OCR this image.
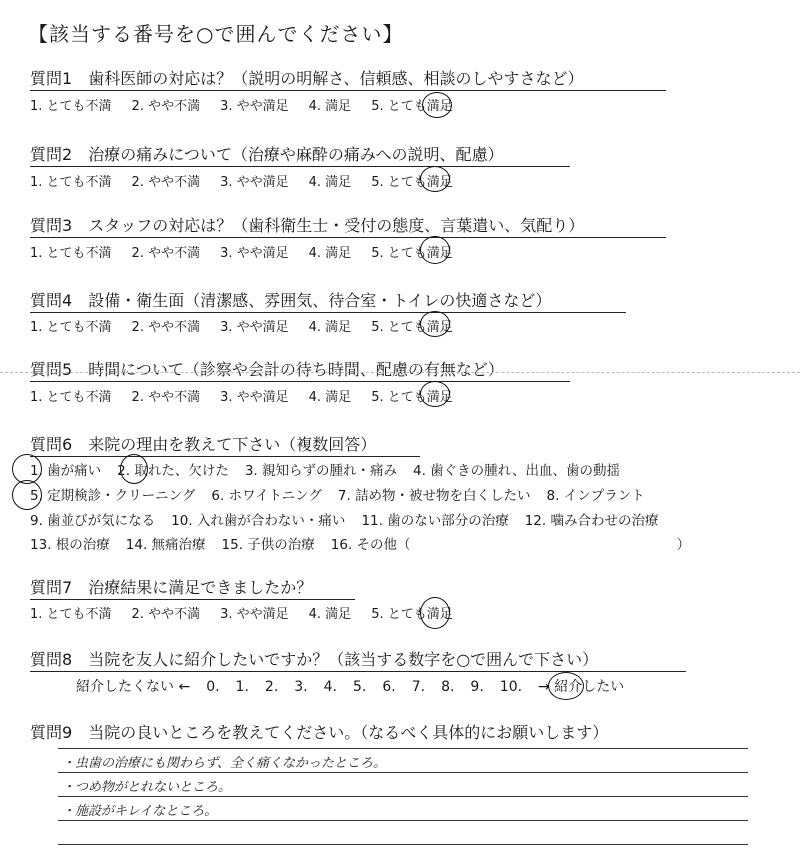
【該当する番号を○で囲んでください】
質問1 歯科医師の対応は？（説明の明解さ、信頼感、相談のしやすさなど）
1. とても不満 2. やや不満 3. やや満足 4. 満足 5. とても満足
質問2 治療の痛みについて（治療や麻酔の痛みへの説明、配慮）
1. とても不満 2. やや不満 3. やや満足 4. 満足 5. とても満足
質問3 スタッフの対応は？（歯科衛生士・受付の態度、言葉遣い、気配り）
1. とても不満 2. やや不満 3. やや満足 4. 満足 5. とても満足
質問4 設備・衛生面（清潔感、雰囲気、待合室・トイレの快適さなど）
1. とても不満 2. やや不満 3. やや満足 4. 満足 5. とても満足
質問5 時間について（診察や会計の待ち時間、配慮の有無など）
1. とても不満 2. やや不満 3. やや満足 4. 満足 5. とても満足
質問6 来院の理由を教えて下さい（複数回答）
1. 歯が痛い 2. 取れた、欠けた 3. 親知らずの腫れ・痛み 4. 歯ぐきの腫れ、出血、歯の動揺
5. 定期検診・クリーニング 6. ホワイトニング 7. 詰め物・被せ物を白くしたい 8. インプラント
9. 歯並びが気になる 10. 入れ歯が合わない・痛い 11. 歯のない部分の治療 12. 噛み合わせの治療
13. 根の治療 14. 無痛治療 15. 子供の治療 16. その他（	）
質問7 治療結果に満足できましたか？
1. とても不満 2. やや不満 3. やや満足 4. 満足 5. とても満足
質問8 当院を友人に紹介したいですか？（該当する数字を○で囲んで下さい）
紹介したくない ← 0. 1. 2. 3. 4. 5. 6. 7. 8. 9. 10. → 紹介したい
質問9 当院の良いところを教えてください。（なるべく具体的にお願いします）
・虫歯の治療にも関わらず、全く痛くなかったところ。
・つめ物がとれないところ。
・施設がキレイなところ。
